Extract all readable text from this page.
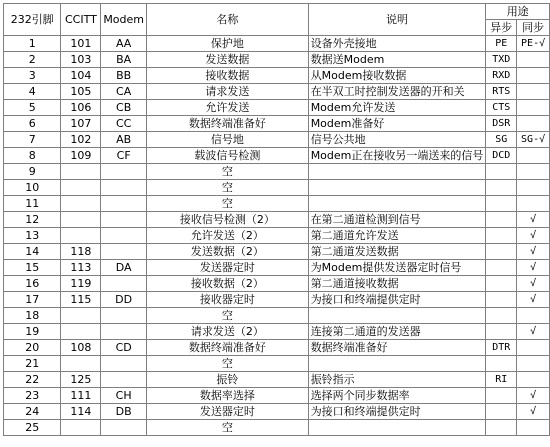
232引脚	CCITT	Modem	名称	说明	用途	
					异步	同步
1	101	AA	保护地	设备外壳接地	PE	PE-√
2	103	BA	发送数据	数据送Modem	TXD	
3	104	BB	接收数据	从Modem接收数据	RXD	
4	105	CA	请求发送	在半双工时控制发送器的开和关	RTS	
5	106	CB	允许发送	Modem允许发送	CTS	
6	107	CC	数据终端准备好	Modem准备好	DSR	
7	102	AB	信号地	信号公共地	SG	SG-√
8	109	CF	载波信号检测	Modem正在接收另一端送来的信号	DCD	
9			空			
10			空			
11			空			
12			接收信号检测（2）	在第二通道检测到信号		√
13			允许发送（2）	第二通道允许发送		√
14	118		发送数据（2）	第二通道发送数据		√
15	113	DA	发送器定时	为Modem提供发送器定时信号		√
16	119		接收数据（2）	第二通道接收数据		√
17	115	DD	接收器定时	为接口和终端提供定时		√
18			空			
19			请求发送（2）	连接第二通道的发送器		√
20	108	CD	数据终端准备好	数据终端准备好	DTR	
21			空			
22	125		振铃	振铃指示	RI	
23	111	CH	数据率选择	选择两个同步数据率		√
24	114	DB	发送器定时	为接口和终端提供定时		√
25			空			
